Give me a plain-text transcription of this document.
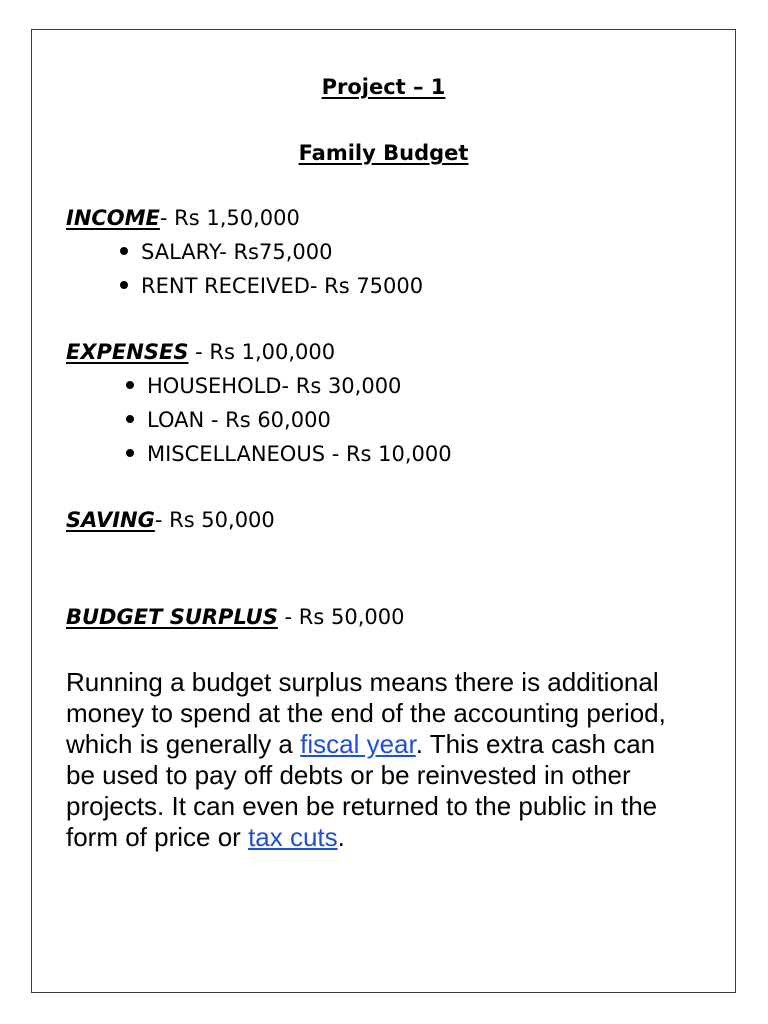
Project – 1
Family Budget
INCOME- Rs 1,50,000
SALARY- Rs75,000
RENT RECEIVED- Rs 75000
EXPENSES - Rs 1,00,000
HOUSEHOLD- Rs 30,000
LOAN - Rs 60,000
MISCELLANEOUS - Rs 10,000
SAVING- Rs 50,000
BUDGET SURPLUS - Rs 50,000
Running a budget surplus means there is additional money to spend at the end of the accounting period, which is generally a fiscal year. This extra cash can be used to pay off debts or be reinvested in other projects. It can even be returned to the public in the form of price or tax cuts.
